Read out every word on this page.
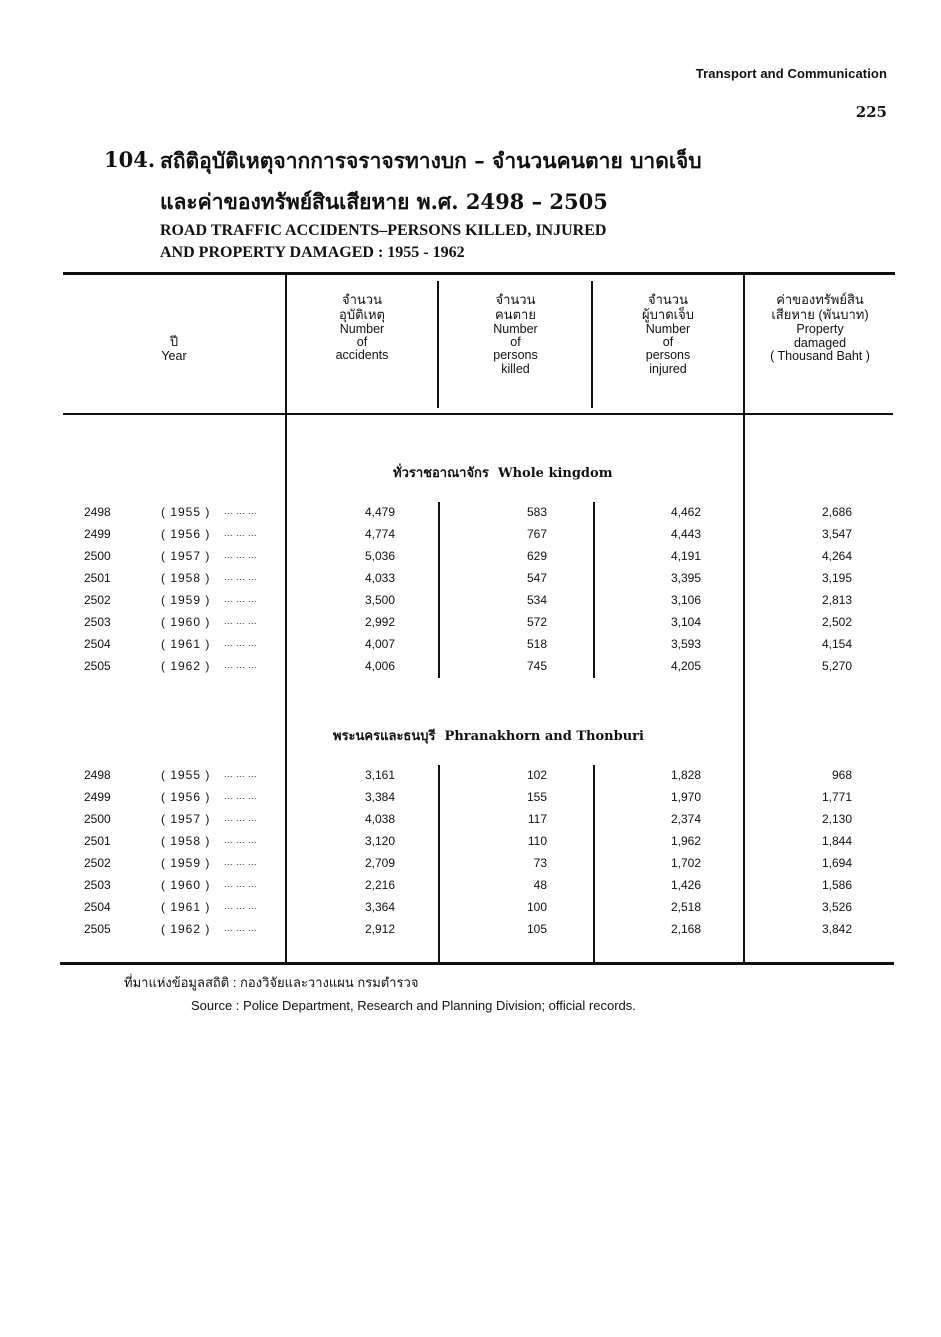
Transport and Communication
225
104. สถิติอุบัติเหตุจากการจราจรทางบก – จำนวนคนตาย บาดเจ็บ
และค่าของทรัพย์สินเสียหาย พ.ศ. 2498 – 2505
ROAD TRAFFIC ACCIDENTS–PERSONS KILLED, INJURED
AND PROPERTY DAMAGED : 1955 - 1962
ปี
Year
จำนวน
อุบัติเหตุ
Number
of
accidents
จำนวน
คนตาย
Number
of
persons
killed
จำนวน
ผู้บาดเจ็บ
Number
of
persons
injured
ค่าของทรัพย์สิน
เสียหาย (พันบาท)
Property
damaged
( Thousand Baht )
ทั่วราชอาณาจักร Whole kingdom
พระนครและธนบุรี Phranakhorn and Thonburi
2498	( 1955 ) ... ... ...	4,479	583	4,462	2,686
2499	( 1956 ) ... ... ...	4,774	767	4,443	3,547
2500	( 1957 ) ... ... ...	5,036	629	4,191	4,264
2501	( 1958 ) ... ... ...	4,033	547	3,395	3,195
2502	( 1959 ) ... ... ...	3,500	534	3,106	2,813
2503	( 1960 ) ... ... ...	2,992	572	3,104	2,502
2504	( 1961 ) ... ... ...	4,007	518	3,593	4,154
2505	( 1962 ) ... ... ...	4,006	745	4,205	5,270
2498	( 1955 ) ... ... ...	3,161	102	1,828	968
2499	( 1956 ) ... ... ...	3,384	155	1,970	1,771
2500	( 1957 ) ... ... ...	4,038	117	2,374	2,130
2501	( 1958 ) ... ... ...	3,120	110	1,962	1,844
2502	( 1959 ) ... ... ...	2,709	73	1,702	1,694
2503	( 1960 ) ... ... ...	2,216	48	1,426	1,586
2504	( 1961 ) ... ... ...	3,364	100	2,518	3,526
2505	( 1962 ) ... ... ...	2,912	105	2,168	3,842
ที่มาแห่งข้อมูลสถิติ : กองวิจัยและวางแผน กรมตำรวจ
Source : Police Department, Research and Planning Division; official records.
